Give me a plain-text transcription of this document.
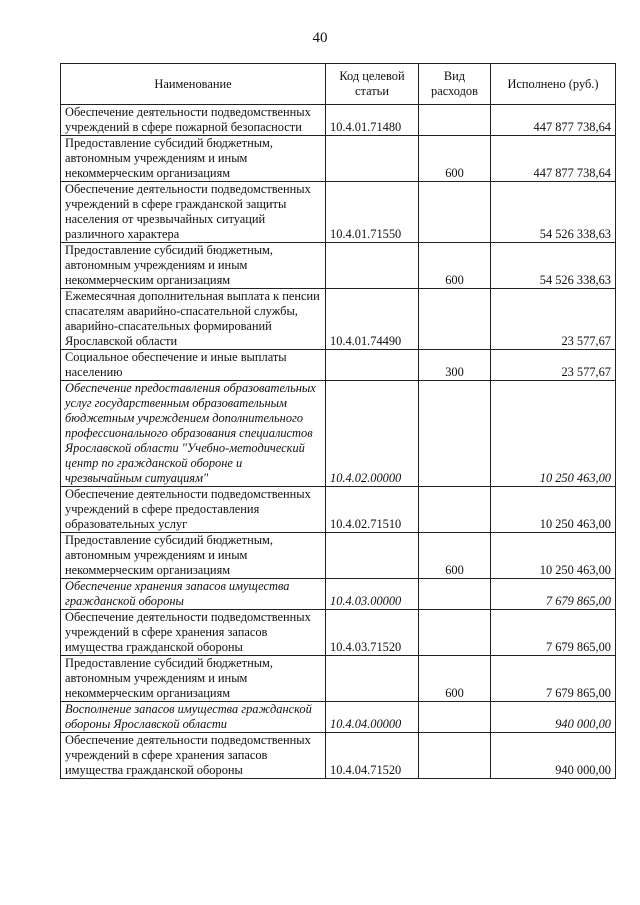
40
Наименование	Код целевой статьи	Вид расходов	Исполнено (руб.)
Обеспечение деятельности подведомственных учреждений в сфере пожарной безопасности	10.4.01.71480		447 877 738,64
Предоставление субсидий бюджетным, автономным учреждениям и иным некоммерческим организациям		600	447 877 738,64
Обеспечение деятельности подведомственных учреждений в сфере гражданской защиты населения от чрезвычайных ситуаций различного характера	10.4.01.71550		54 526 338,63
Предоставление субсидий бюджетным, автономным учреждениям и иным некоммерческим организациям		600	54 526 338,63
Ежемесячная дополнительная выплата к пенсии спасателям аварийно-спасательной службы, аварийно-спасательных формирований Ярославской области	10.4.01.74490		23 577,67
Социальное обеспечение и иные выплаты населению		300	23 577,67
Обеспечение предоставления образовательных услуг государственным образовательным бюджетным учреждением дополнительного профессионального образования специалистов Ярославской области "Учебно-методический центр по гражданской обороне и чрезвычайным ситуациям"	10.4.02.00000		10 250 463,00
Обеспечение деятельности подведомственных учреждений в сфере предоставления образовательных услуг	10.4.02.71510		10 250 463,00
Предоставление субсидий бюджетным, автономным учреждениям и иным некоммерческим организациям		600	10 250 463,00
Обеспечение хранения запасов имущества гражданской обороны	10.4.03.00000		7 679 865,00
Обеспечение деятельности подведомственных учреждений в сфере хранения запасов имущества гражданской обороны	10.4.03.71520		7 679 865,00
Предоставление субсидий бюджетным, автономным учреждениям и иным некоммерческим организациям		600	7 679 865,00
Восполнение запасов имущества гражданской обороны Ярославской области	10.4.04.00000		940 000,00
Обеспечение деятельности подведомственных учреждений в сфере хранения запасов имущества гражданской обороны	10.4.04.71520		940 000,00
